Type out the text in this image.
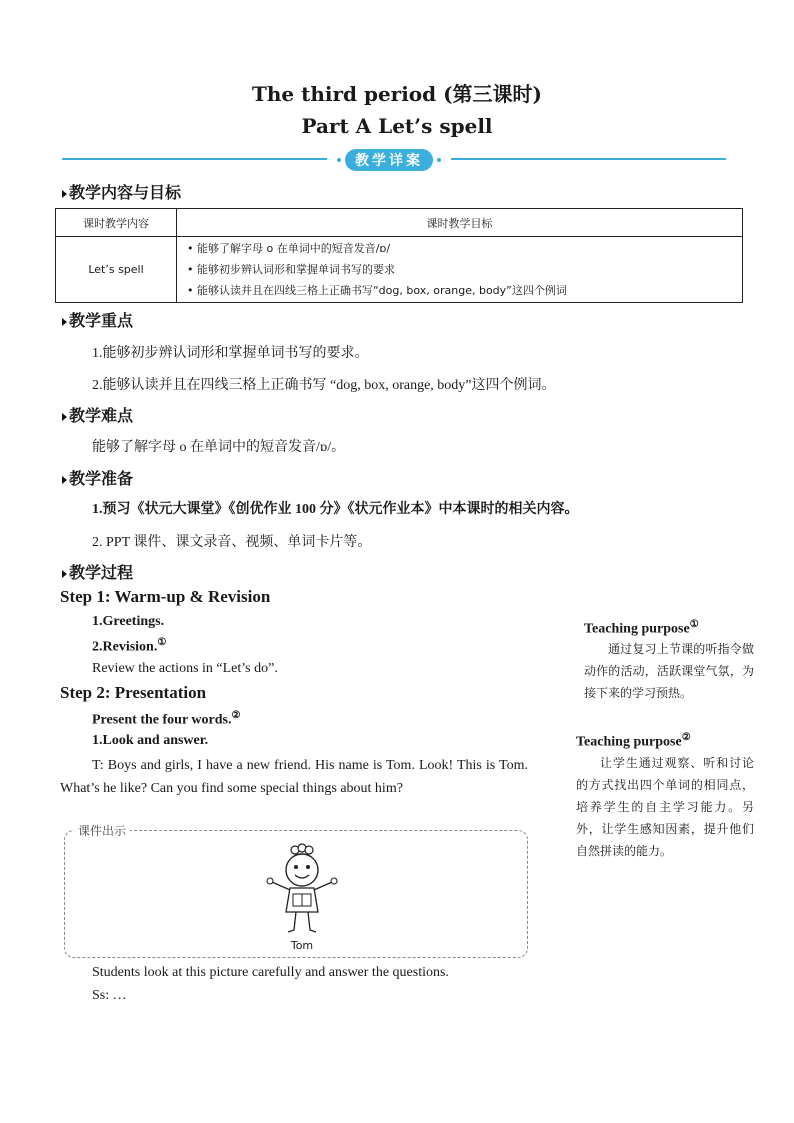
The third period (第三课时)
Part A Let’s spell
教学详案
教学内容与目标
课时教学内容	课时教学目标
Let’s spell	• 能够了解字母 o 在单词中的短音发音/ɒ/
• 能够初步辨认词形和掌握单词书写的要求
• 能够认读并且在四线三格上正确书写“dog, box, orange, body”这四个例词
教学重点
1.能够初步辨认词形和掌握单词书写的要求。
2.能够认读并且在四线三格上正确书写 “dog, box, orange, body”这四个例词。
教学难点
能够了解字母 o 在单词中的短音发音/ɒ/。
教学准备
1.预习《状元大课堂》《创优作业 100 分》《状元作业本》中本课时的相关内容。
2. PPT 课件、课文录音、视频、单词卡片等。
教学过程
Step 1: Warm-up & Revision
1.Greetings.
2.Revision.①
Review the actions in “Let’s do”.
Step 2: Presentation
Present the four words.②
1.Look and answer.
T: Boys and girls, I have a new friend. His name is Tom. Look! This is Tom. What’s he like? Can you find some special things about him?
课件出示
Tom
Students look at this picture carefully and answer the questions.
Ss: …
Teaching purpose①
通过复习上节课的听指令做动作的活动，活跃课堂气氛，为接下来的学习预热。
Teaching purpose②
让学生通过观察、听和讨论的方式找出四个单词的相同点，培养学生的自主学习能力。另外，让学生感知因素，提升他们自然拼读的能力。
